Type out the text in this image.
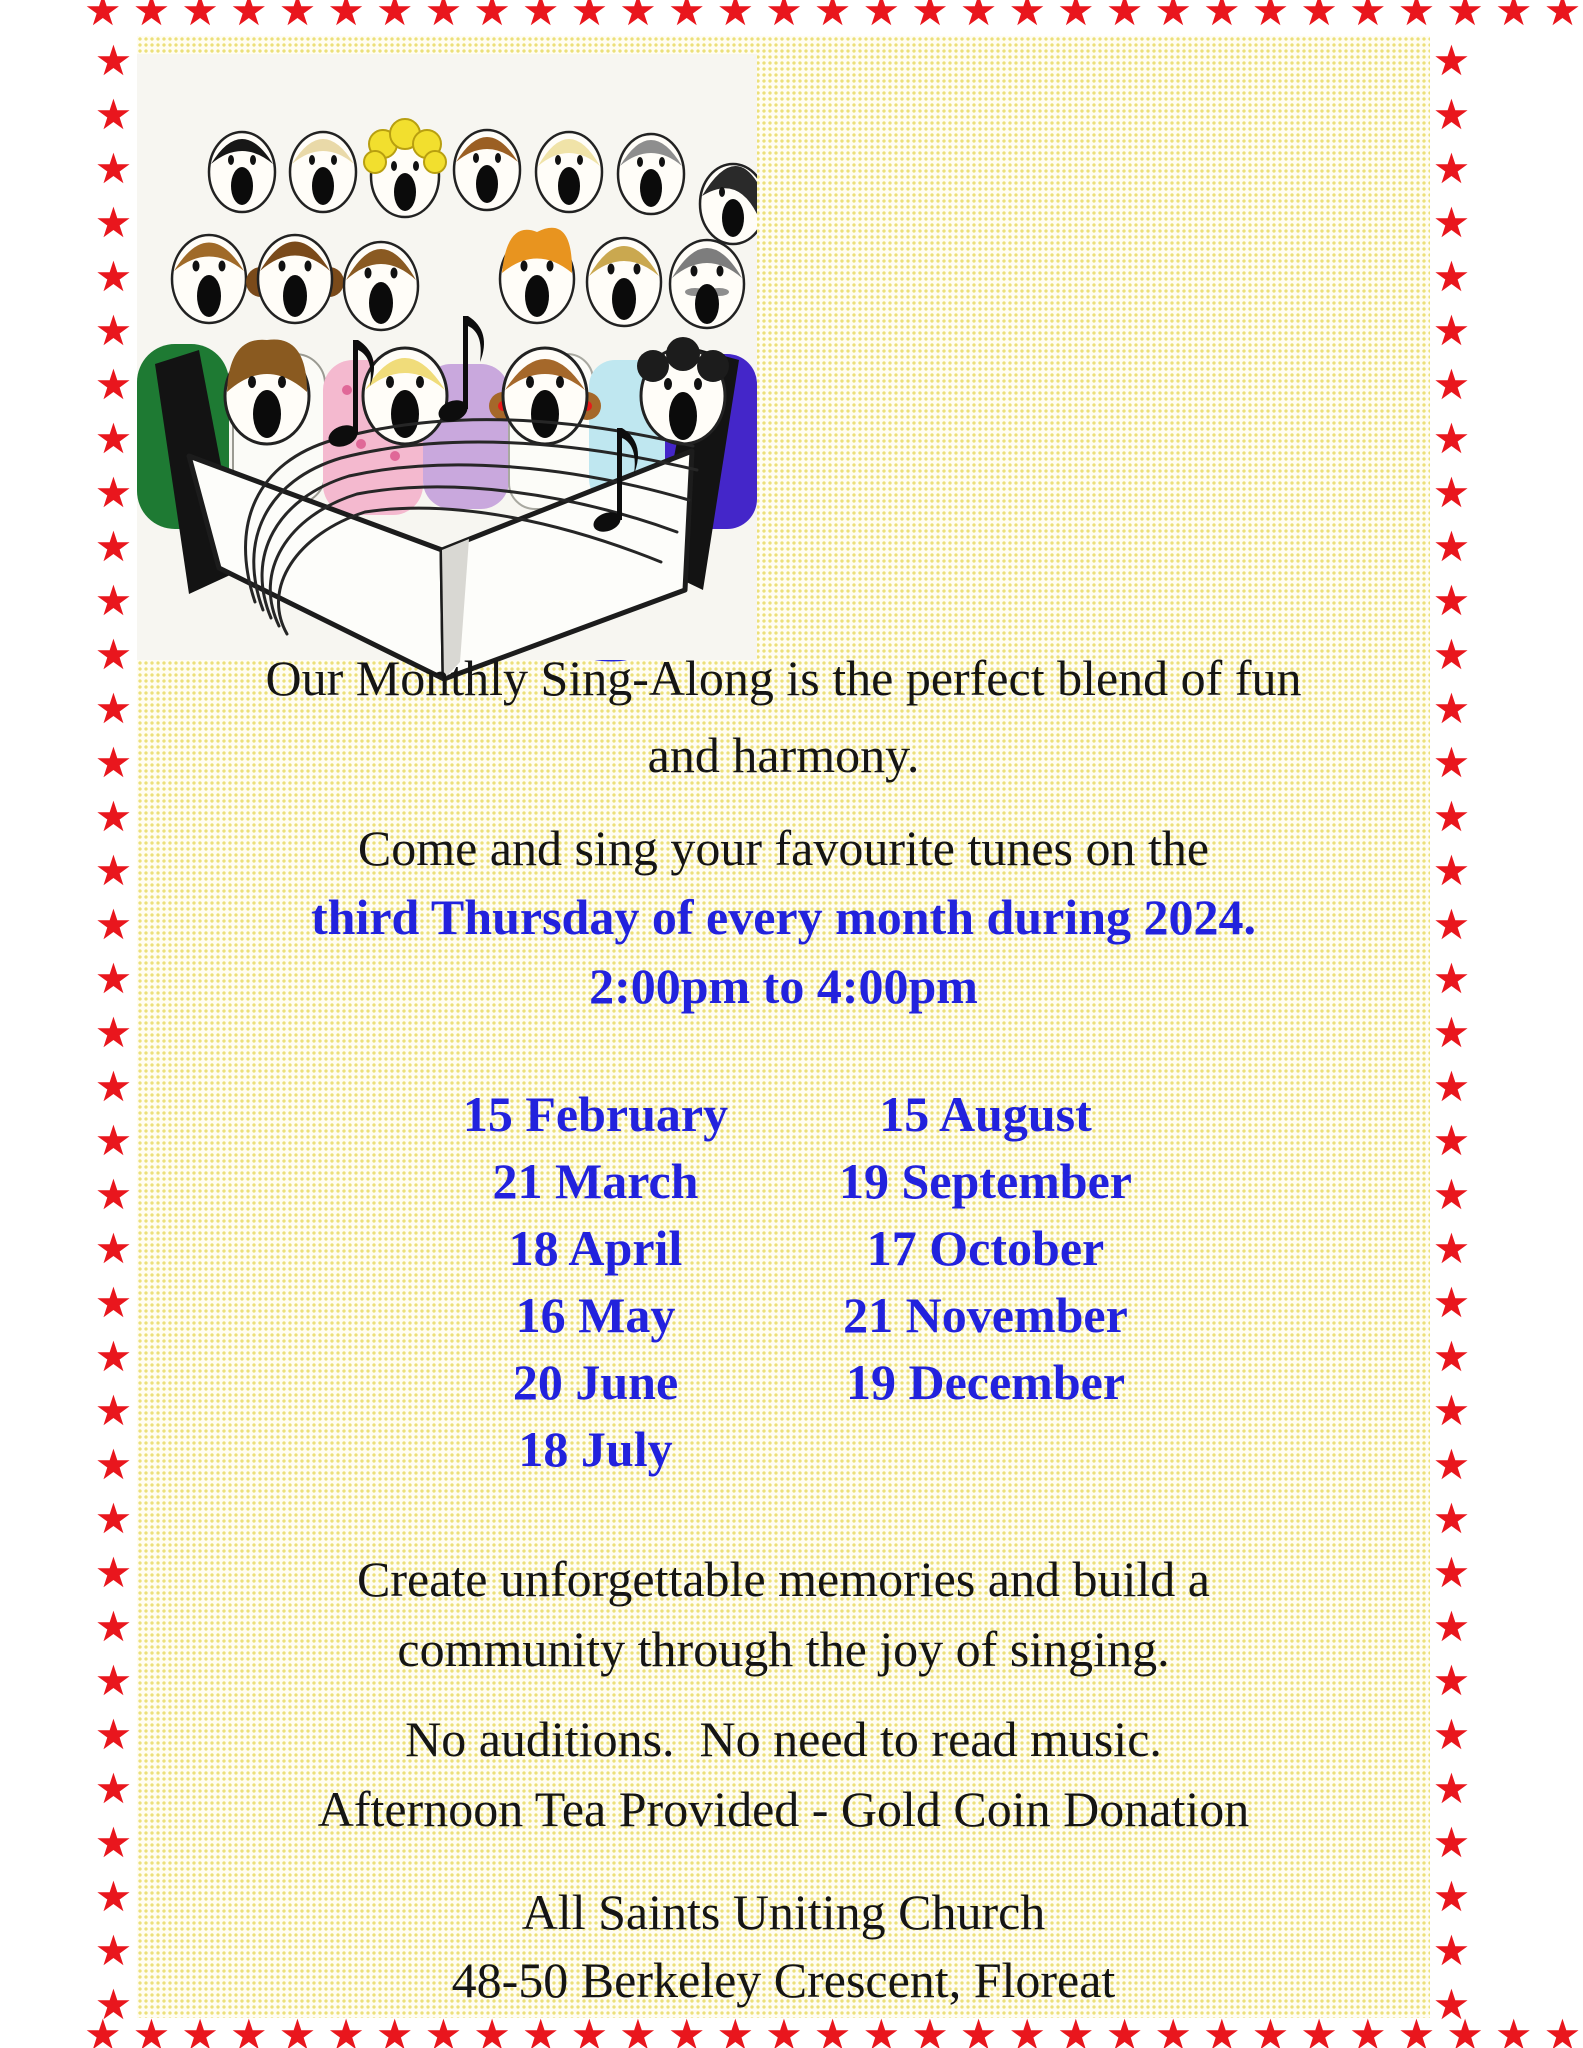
★★★★★★★★★★★★★★★★★★★★★★★★★★★★★★★★★★★★★★★★
★★★★★★★★★★★★★★★★★★★★★★★★★★★★★★★★★★★★★★★★
★★★★★★★★★★★★★★★★★★★★★★★★★★★★★★★★★★★★★★★★★★★★★★
★★★★★★★★★★★★★★★★★★★★★★★★★★★★★★★★★★★★★★★★★★★★★★
Our Monthly Sing-Along is the perfect blend of fun
and harmony.
Come and sing your favourite tunes on the
third Thursday of every month during 2024.
2:00pm to 4:00pm
15 February
21 March
18 April
16 May
20 June
18 July
15 August
19 September
17 October
21 November
19 December
Create unforgettable memories and build a
community through the joy of singing.
No auditions.  No need to read music.
Afternoon Tea Provided - Gold Coin Donation
All Saints Uniting Church
48-50 Berkeley Crescent, Floreat
